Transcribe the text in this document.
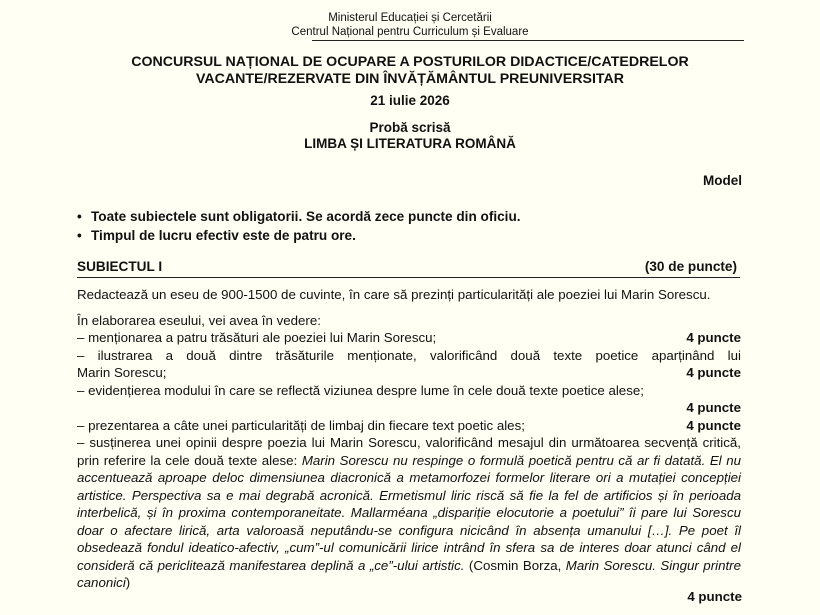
Ministerul Educației și Cercetării
Centrul Național pentru Curriculum și Evaluare
CONCURSUL NAȚIONAL DE OCUPARE A POSTURILOR DIDACTICE/CATEDRELOR
VACANTE/REZERVATE DIN ÎNVĂȚĂMÂNTUL PREUNIVERSITAR
21 iulie 2026
Probă scrisă
LIMBA ȘI LITERATURA ROMÂNĂ
Model
• Toate subiectele sunt obligatorii. Se acordă zece puncte din oficiu.
• Timpul de lucru efectiv este de patru ore.
SUBIECTUL I	(30 de puncte)

Redactează un eseu de 900-1500 de cuvinte, în care să prezinți particularități ale poeziei lui Marin Sorescu.

În elaborarea eseului, vei avea în vedere:

– menționarea a patru trăsături ale poeziei lui Marin Sorescu;	4 puncte

– ilustrarea a două dintre trăsăturile menționate, valorificând două texte poetice aparținând lui

Marin Sorescu;	4 puncte

– evidențierea modului în care se reflectă viziunea despre lume în cele două texte poetice alese;

4 puncte

– prezentarea a câte unei particularități de limbaj din fiecare text poetic ales;	4 puncte

– susținerea unei opinii despre poezia lui Marin Sorescu, valorificând mesajul din următoarea secvență critică, prin referire la cele două texte alese: Marin Sorescu nu respinge o formulă poetică pentru că ar fi datată. El nu accentuează aproape deloc dimensiunea diacronică a metamorfozei formelor literare ori a mutației concepției artistice. Perspectiva sa e mai degrabă acronică. Ermetismul liric riscă să fie la fel de artificios și în perioada interbelică, și în proxima contemporaneitate. Mallarméana „dispariție elocutorie a poetului” îi pare lui Sorescu doar o afectare lirică, arta valoroasă neputându-se configura nicicând în absența umanului […]. Pe poet îl obsedează fondul ideatico-afectiv, „cum”-ul comunicării lirice intrând în sfera sa de interes doar atunci când el consideră că periclitează manifestarea deplină a „ce”-ului artistic. (Cosmin Borza, Marin Sorescu. Singur printre canonici)

4 puncte
